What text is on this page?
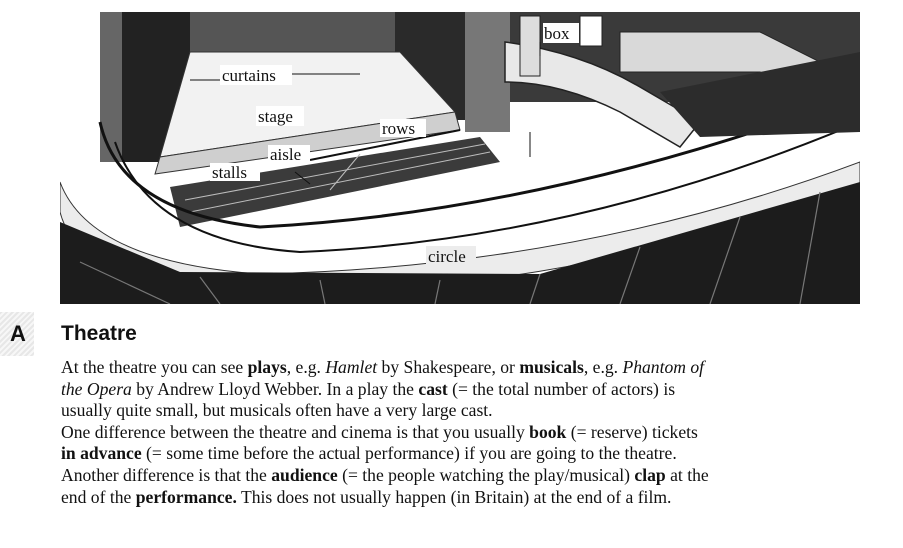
box
curtains
stage
rows
aisle
stalls
circle
A Theatre
At the theatre you can see plays, e.g. Hamlet by Shakespeare, or musicals, e.g. Phantom of
the Opera by Andrew Lloyd Webber. In a play the cast (= the total number of actors) is
usually quite small, but musicals often have a very large cast.
One difference between the theatre and cinema is that you usually book (= reserve) tickets
in advance (= some time before the actual performance) if you are going to the theatre.
Another difference is that the audience (= the people watching the play/musical) clap at the
end of the performance. This does not usually happen (in Britain) at the end of a film.
